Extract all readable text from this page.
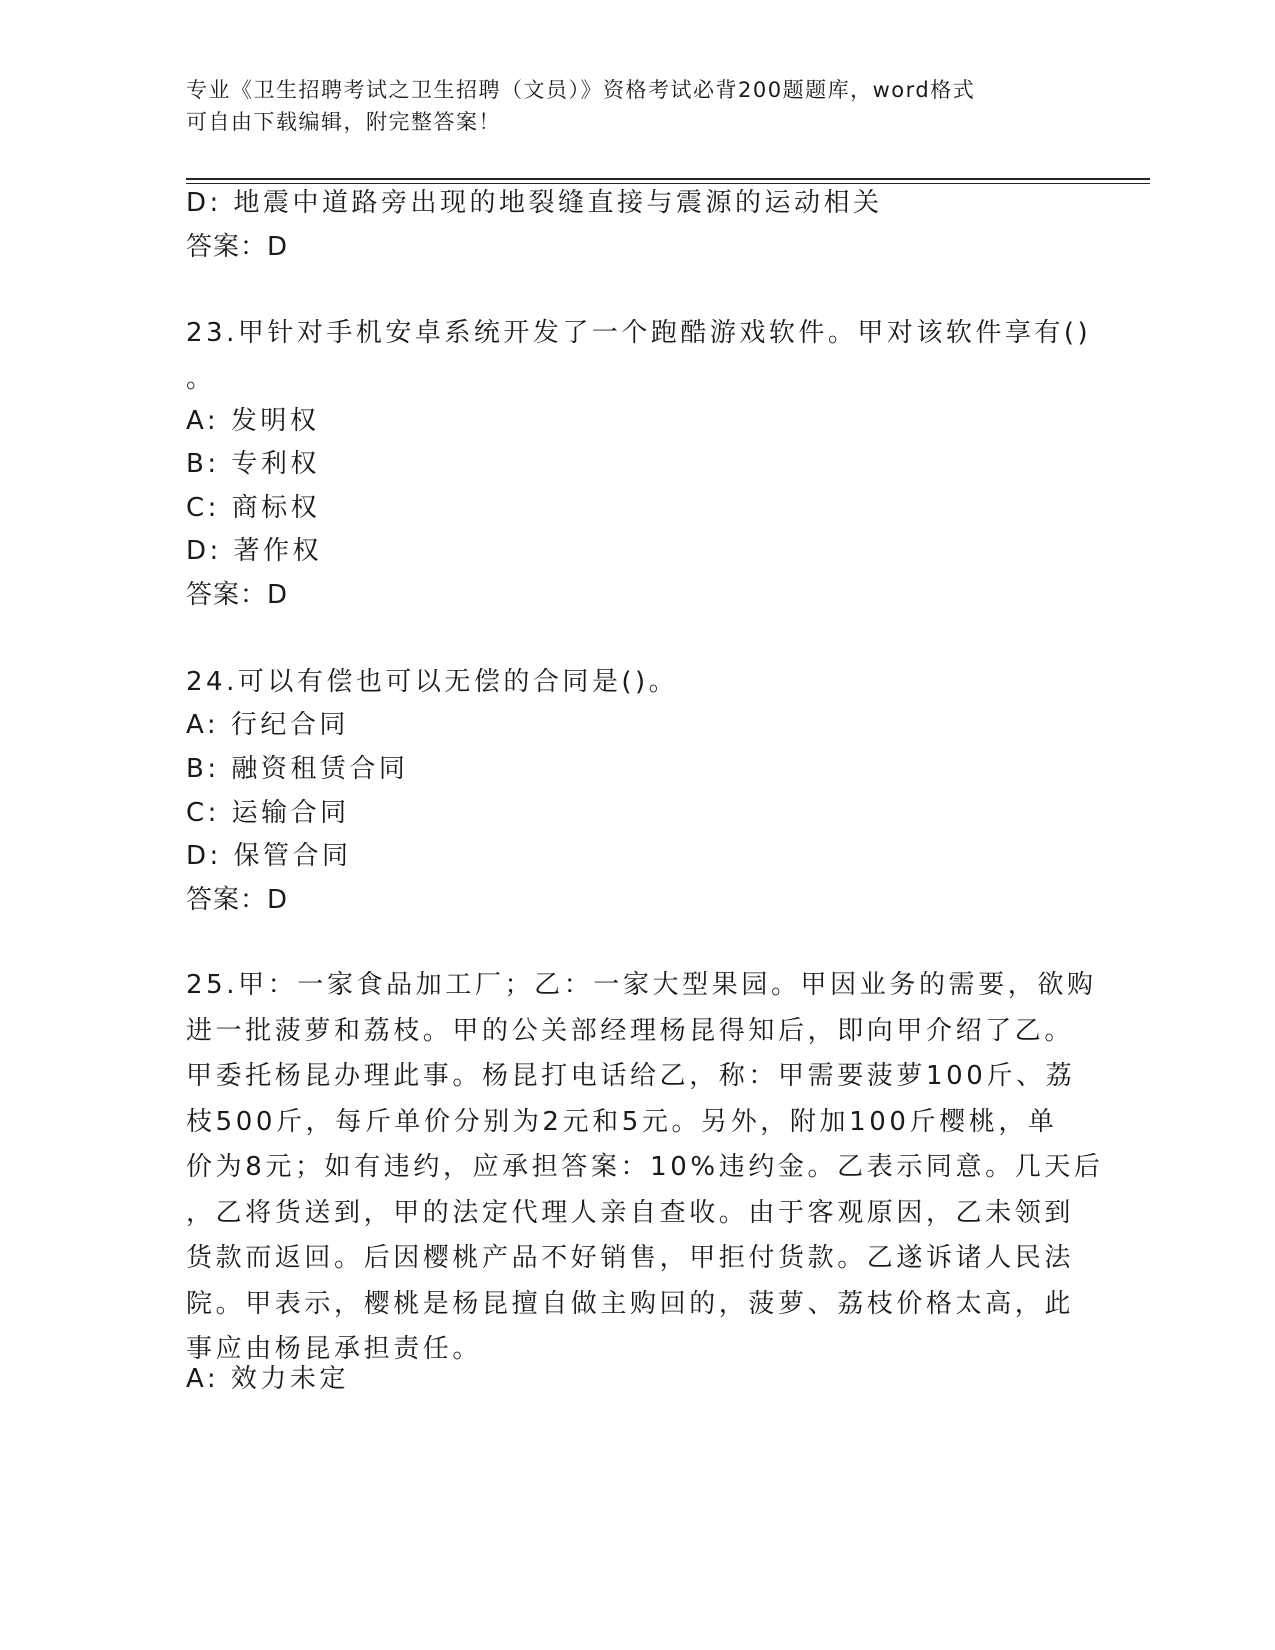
专业《卫生招聘考试之卫生招聘（文员）》资格考试必背200题题库，word格式
可自由下载编辑，附完整答案！
D: 地震中道路旁出现的地裂缝直接与震源的运动相关
答案：D
23.甲针对手机安卓系统开发了一个跑酷游戏软件。甲对该软件享有()
。
A: 发明权
B: 专利权
C: 商标权
D: 著作权
答案：D
24.可以有偿也可以无偿的合同是()。
A: 行纪合同
B: 融资租赁合同
C: 运输合同
D: 保管合同
答案：D
25.甲：一家食品加工厂；乙：一家大型果园。甲因业务的需要，欲购
进一批菠萝和荔枝。甲的公关部经理杨昆得知后，即向甲介绍了乙。
甲委托杨昆办理此事。杨昆打电话给乙，称：甲需要菠萝100斤、荔
枝500斤，每斤单价分别为2元和5元。另外，附加100斤樱桃，单
价为8元；如有违约，应承担答案：10%违约金。乙表示同意。几天后
，乙将货送到，甲的法定代理人亲自查收。由于客观原因，乙未领到
货款而返回。后因樱桃产品不好销售，甲拒付货款。乙遂诉诸人民法
院。甲表示，樱桃是杨昆擅自做主购回的，菠萝、荔枝价格太高，此
事应由杨昆承担责任。
A: 效力未定
